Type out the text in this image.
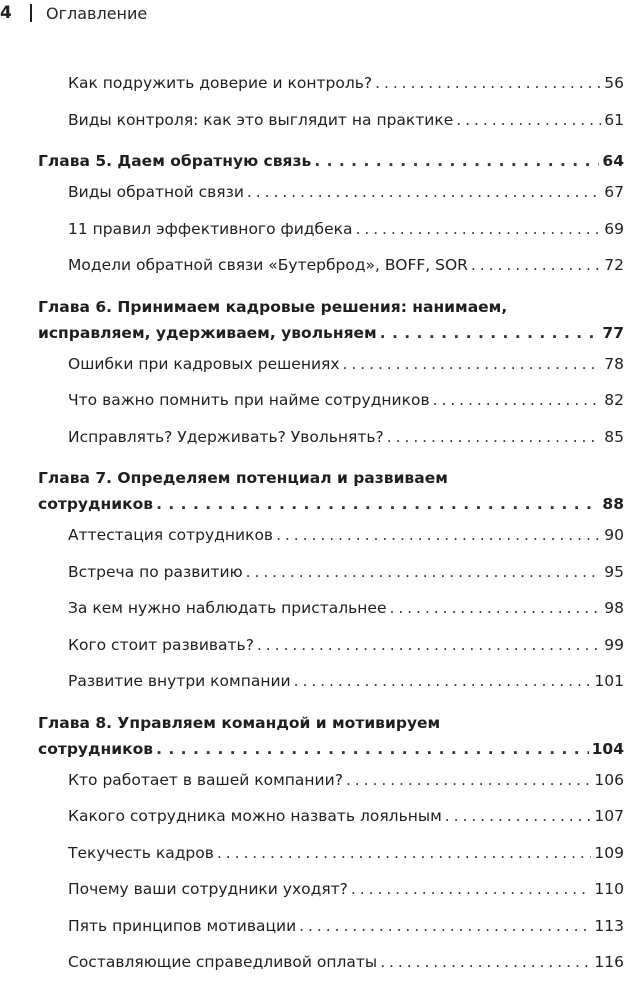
4	Оглавление
Как подружить доверие и контроль? . . .	56
Виды контроля: как это выглядит на практике . . .	61
Глава 5. Даем обратную связь . . .	64
Виды обратной связи . . .	67
11 правил эффективного фидбека . . .	69
Модели обратной связи «Бутерброд», BOFF, SOR . . .	72
Глава 6. Принимаем кадровые решения: нанимаем,
исправляем, удерживаем, увольняем . . .	77
Ошибки при кадровых решениях . . .	78
Что важно помнить при найме сотрудников . . .	82
Исправлять? Удерживать? Увольнять? . . .	85
Глава 7. Определяем потенциал и развиваем
сотрудников . . .	88
Аттестация сотрудников . . .	90
Встреча по развитию . . .	95
За кем нужно наблюдать пристальнее . . .	98
Кого стоит развивать? . . .	99
Развитие внутри компании . . .	101
Глава 8. Управляем командой и мотивируем
сотрудников . . .	104
Кто работает в вашей компании? . . .	106
Какого сотрудника можно назвать лояльным . . .	107
Текучесть кадров . . .	109
Почему ваши сотрудники уходят? . . .	110
Пять принципов мотивации . . .	113
Составляющие справедливой оплаты . . .	116
